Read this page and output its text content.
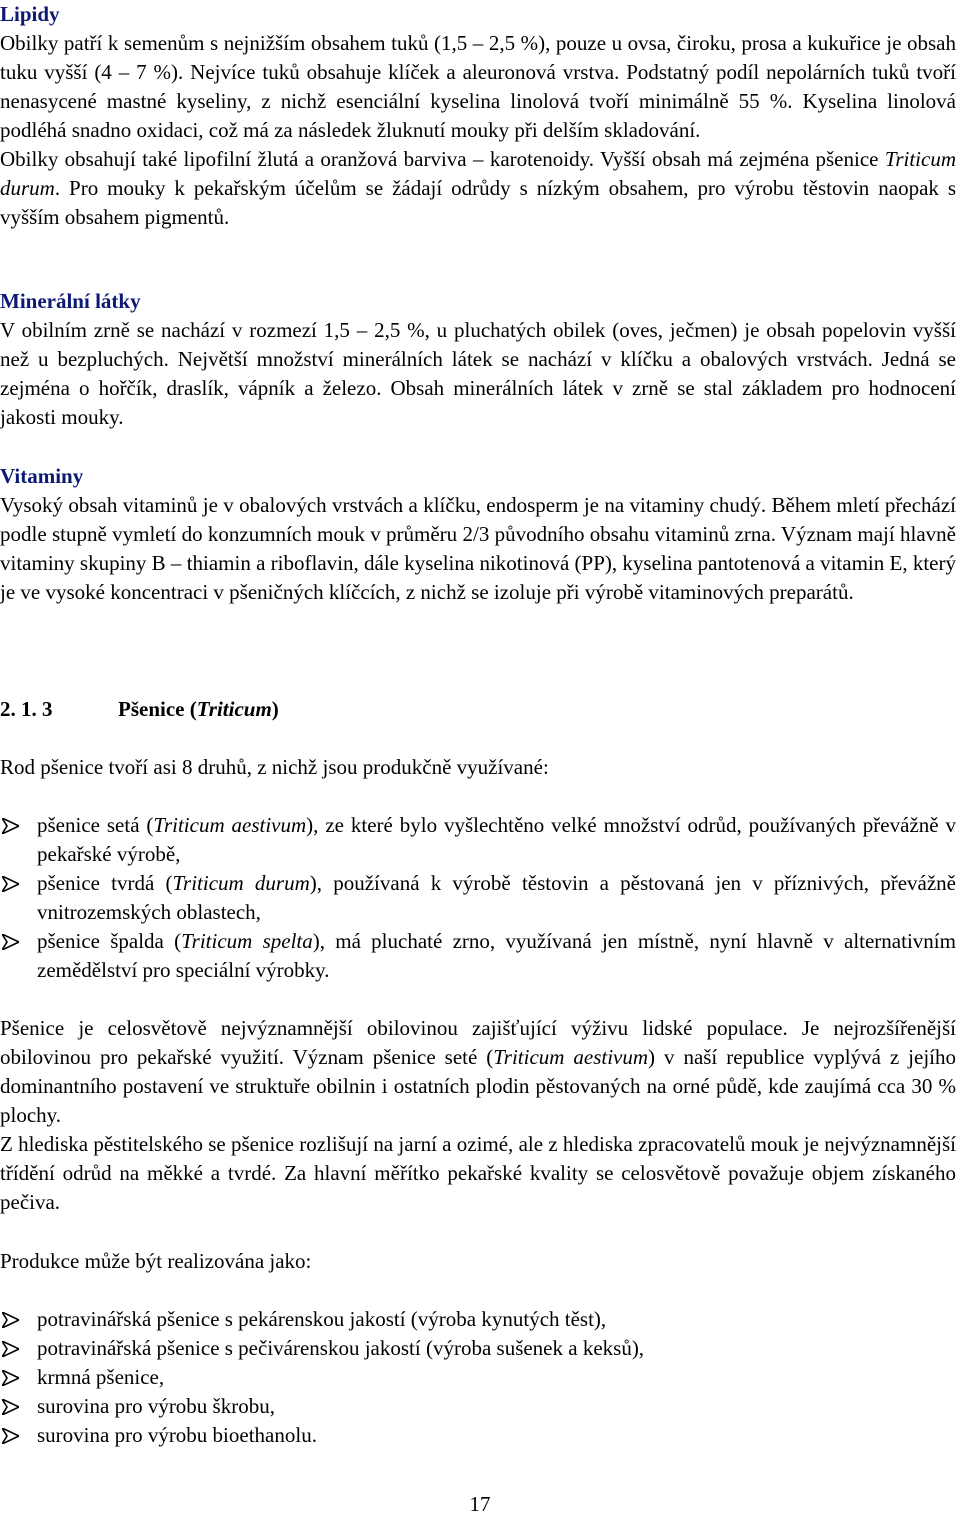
Lipidy

Obilky patří k semenům s nejnižším obsahem tuků (1,5 – 2,5 %), pouze u ovsa, čiroku, prosa a kukuřice je obsah tuku vyšší (4 – 7 %). Nejvíce tuků obsahuje klíček a aleuronová vrstva. Podstatný podíl nepolárních tuků tvoří nenasycené mastné kyseliny, z nichž esenciální kyselina linolová tvoří minimálně 55 %. Kyselina linolová podléhá snadno oxidaci, což má za následek žluknutí mouky při delším skladování.

Obilky obsahují také lipofilní žlutá a oranžová barviva – karotenoidy. Vyšší obsah má zejména pšenice Triticum durum. Pro mouky k pekařským účelům se žádají odrůdy s nízkým obsahem, pro výrobu těstovin naopak s vyšším obsahem pigmentů.

Minerální látky

V obilním zrně se nachází v rozmezí 1,5 – 2,5 %, u pluchatých obilek (oves, ječmen) je obsah popelovin vyšší než u bezpluchých. Největší množství minerálních látek se nachází v klíčku a obalových vrstvách. Jedná se zejména o hořčík, draslík, vápník a železo. Obsah minerálních látek v zrně se stal základem pro hodnocení jakosti mouky.

Vitaminy

Vysoký obsah vitaminů je v obalových vrstvách a klíčku, endosperm je na vitaminy chudý. Během mletí přechází podle stupně vymletí do konzumních mouk v průměru 2/3 původního obsahu vitaminů zrna. Význam mají hlavně vitaminy skupiny B – thiamin a riboflavin, dále kyselina nikotinová (PP), kyselina pantotenová a vitamin E, který je ve vysoké koncentraci v pšeničných klíčcích, z nichž se izoluje při výrobě vitaminových preparátů.

2. 1. 3	Pšenice (Triticum)

Rod pšenice tvoří asi 8 druhů, z nichž jsou produkčně využívané:

pšenice setá (Triticum aestivum), ze které bylo vyšlechtěno velké množství odrůd, používaných převážně v pekařské výrobě,
pšenice tvrdá (Triticum durum), používaná k výrobě těstovin a pěstovaná jen v příznivých, převážně vnitrozemských oblastech,
pšenice špalda (Triticum spelta), má pluchaté zrno, využívaná jen místně, nyní hlavně v alternativním zemědělství pro speciální výrobky.

Pšenice je celosvětově nejvýznamnější obilovinou zajišťující výživu lidské populace. Je nejrozšířenější obilovinou pro pekařské využití. Význam pšenice seté (Triticum aestivum) v naší republice vyplývá z jejího dominantního postavení ve struktuře obilnin i ostatních plodin pěstovaných na orné půdě, kde zaujímá cca 30 % plochy.

Z hlediska pěstitelského se pšenice rozlišují na jarní a ozimé, ale z hlediska zpracovatelů mouk je nejvýznamnější třídění odrůd na měkké a tvrdé. Za hlavní měřítko pekařské kvality se celosvětově považuje objem získaného pečiva.

Produkce může být realizována jako:

potravinářská pšenice s pekárenskou jakostí (výroba kynutých těst),
potravinářská pšenice s pečivárenskou jakostí (výroba sušenek a keksů),
krmná pšenice,
surovina pro výrobu škrobu,
surovina pro výrobu bioethanolu.
17
